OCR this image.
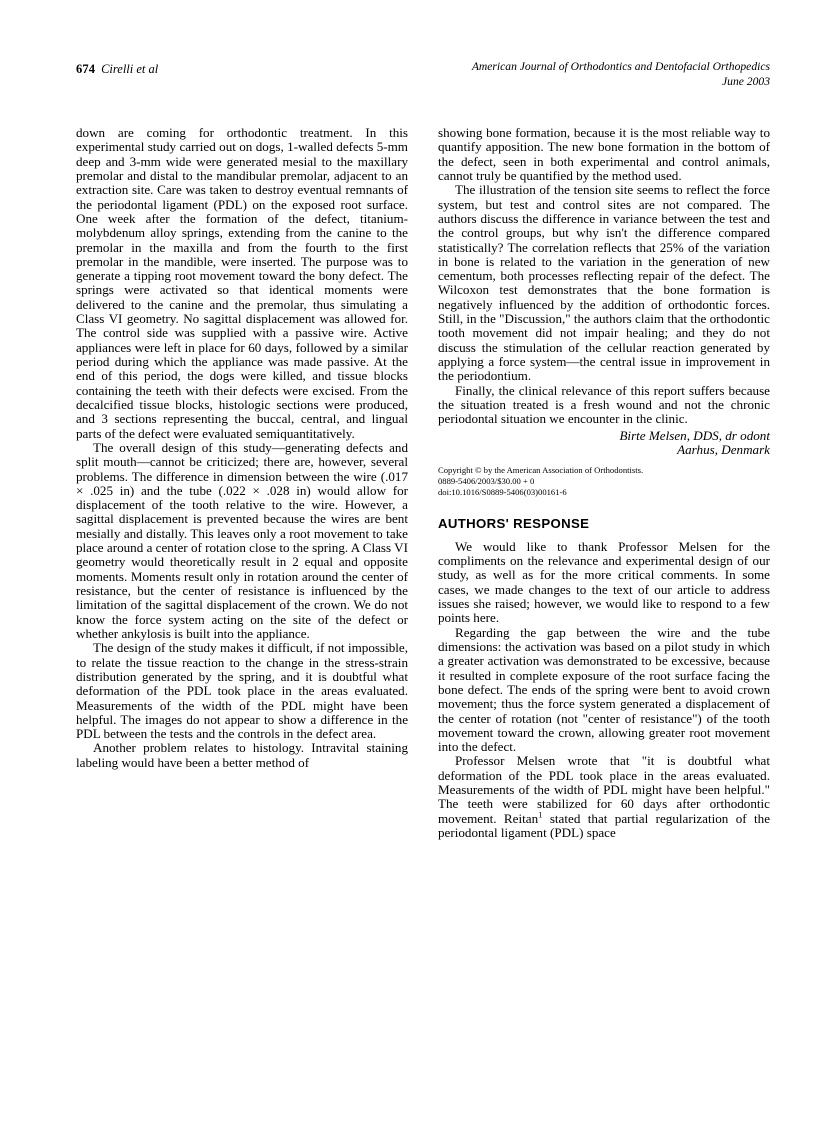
674 Cirelli et al	American Journal of Orthodontics and Dentofacial Orthopedics
June 2003

down are coming for orthodontic treatment. In this experimental study carried out on dogs, 1-walled defects 5-mm deep and 3-mm wide were generated mesial to the maxillary premolar and distal to the mandibular premolar, adjacent to an extraction site. Care was taken to destroy eventual remnants of the periodontal ligament (PDL) on the exposed root surface. One week after the formation of the defect, titanium-molybdenum alloy springs, extending from the canine to the premolar in the maxilla and from the fourth to the first premolar in the mandible, were inserted. The purpose was to generate a tipping root movement toward the bony defect. The springs were activated so that identical moments were delivered to the canine and the premolar, thus simulating a Class VI geometry. No sagittal displacement was allowed for. The control side was supplied with a passive wire. Active appliances were left in place for 60 days, followed by a similar period during which the appliance was made passive. At the end of this period, the dogs were killed, and tissue blocks containing the teeth with their defects were excised. From the decalcified tissue blocks, histologic sections were produced, and 3 sections representing the buccal, central, and lingual parts of the defect were evaluated semiquantitatively.

The overall design of this study—generating defects and split mouth—cannot be criticized; there are, however, several problems. The difference in dimension between the wire (.017 × .025 in) and the tube (.022 × .028 in) would allow for displacement of the tooth relative to the wire. However, a sagittal displacement is prevented because the wires are bent mesially and distally. This leaves only a root movement to take place around a center of rotation close to the spring. A Class VI geometry would theoretically result in 2 equal and opposite moments. Moments result only in rotation around the center of resistance, but the center of resistance is influenced by the limitation of the sagittal displacement of the crown. We do not know the force system acting on the site of the defect or whether ankylosis is built into the appliance.

The design of the study makes it difficult, if not impossible, to relate the tissue reaction to the change in the stress-strain distribution generated by the spring, and it is doubtful what deformation of the PDL took place in the areas evaluated. Measurements of the width of the PDL might have been helpful. The images do not appear to show a difference in the PDL between the tests and the controls in the defect area.

Another problem relates to histology. Intravital staining labeling would have been a better method of

showing bone formation, because it is the most reliable way to quantify apposition. The new bone formation in the bottom of the defect, seen in both experimental and control animals, cannot truly be quantified by the method used.

The illustration of the tension site seems to reflect the force system, but test and control sites are not compared. The authors discuss the difference in variance between the test and the control groups, but why isn't the difference compared statistically? The correlation reflects that 25% of the variation in bone is related to the variation in the generation of new cementum, both processes reflecting repair of the defect. The Wilcoxon test demonstrates that the bone formation is negatively influenced by the addition of orthodontic forces. Still, in the "Discussion," the authors claim that the orthodontic tooth movement did not impair healing; and they do not discuss the stimulation of the cellular reaction generated by applying a force system—the central issue in improvement in the periodontium.

Finally, the clinical relevance of this report suffers because the situation treated is a fresh wound and not the chronic periodontal situation we encounter in the clinic.

Birte Melsen, DDS, dr odont
Aarhus, Denmark
Copyright © by the American Association of Orthodontists.
0889-5406/2003/$30.00 + 0
doi:10.1016/S0889-5406(03)00161-6
AUTHORS' RESPONSE

We would like to thank Professor Melsen for the compliments on the relevance and experimental design of our study, as well as for the more critical comments. In some cases, we made changes to the text of our article to address issues she raised; however, we would like to respond to a few points here.

Regarding the gap between the wire and the tube dimensions: the activation was based on a pilot study in which a greater activation was demonstrated to be excessive, because it resulted in complete exposure of the root surface facing the bone defect. The ends of the spring were bent to avoid crown movement; thus the force system generated a displacement of the center of rotation (not "center of resistance") of the tooth movement toward the crown, allowing greater root movement into the defect.

Professor Melsen wrote that "it is doubtful what deformation of the PDL took place in the areas evaluated. Measurements of the width of PDL might have been helpful." The teeth were stabilized for 60 days after orthodontic movement. Reitan$^1$ stated that partial regularization of the periodontal ligament (PDL) space
